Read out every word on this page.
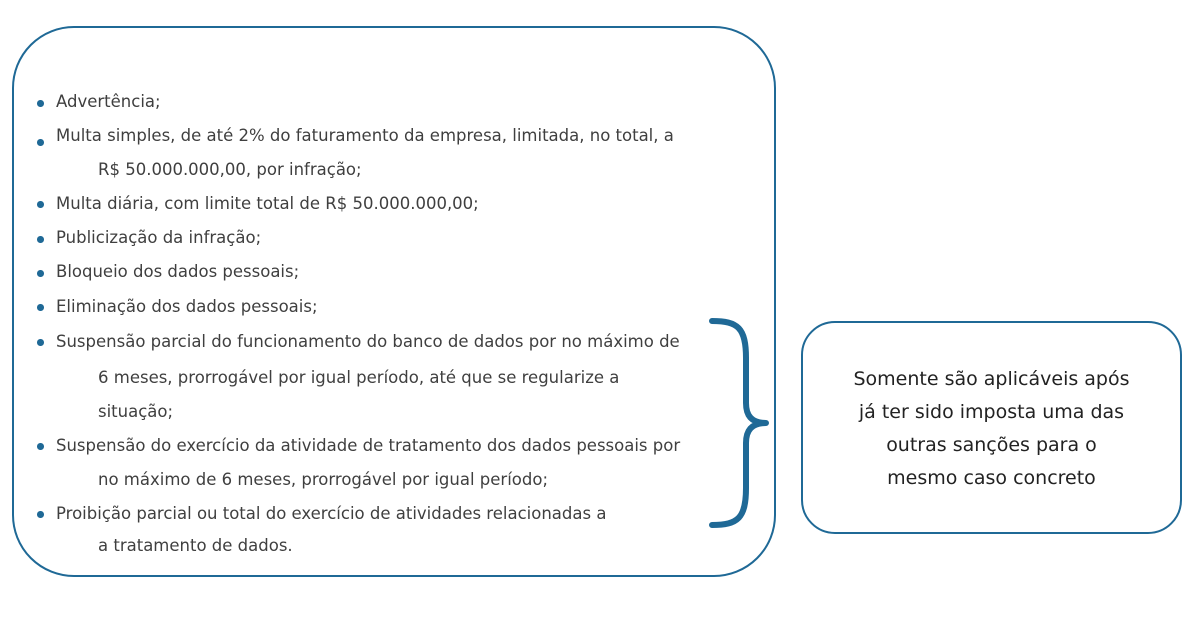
Advertência;
Multa simples, de até 2% do faturamento da empresa, limitada, no total, a
R$ 50.000.000,00, por infração;
Multa diária, com limite total de R$ 50.000.000,00;
Publicização da infração;
Bloqueio dos dados pessoais;
Eliminação dos dados pessoais;
Suspensão parcial do funcionamento do banco de dados por no máximo de
6 meses, prorrogável por igual período, até que se regularize a
situação;
Suspensão do exercício da atividade de tratamento dos dados pessoais por
no máximo de 6 meses, prorrogável por igual período;
Proibição parcial ou total do exercício de atividades relacionadas a
a tratamento de dados.
Somente são aplicáveis após
já ter sido imposta uma das
outras sanções para o
mesmo caso concreto
